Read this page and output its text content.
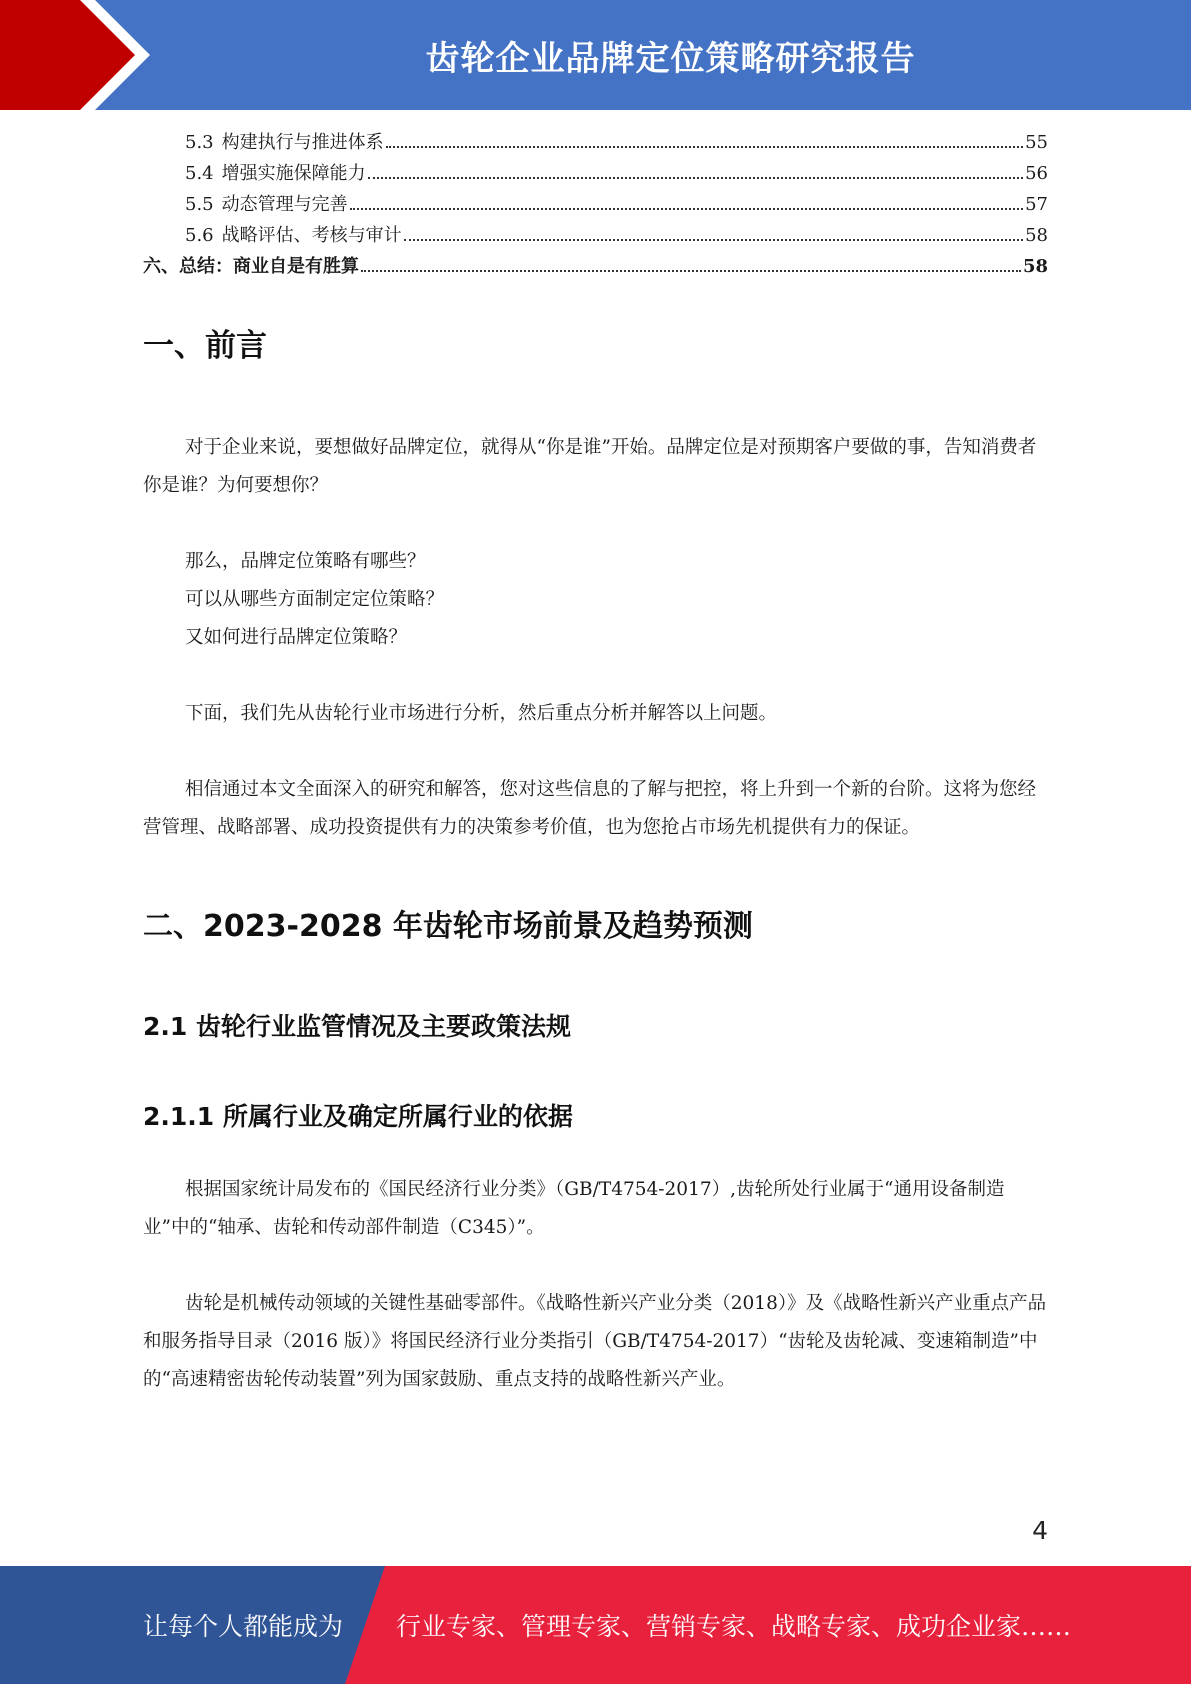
齿轮企业品牌定位策略研究报告
5.3 构建执行与推进体系	55
5.4 增强实施保障能力	56
5.5 动态管理与完善	57
5.6 战略评估、考核与审计	58
六、总结：商业自是有胜算	58
一、前言

对于企业来说，要想做好品牌定位，就得从“你是谁”开始。品牌定位是对预期客户要做的事，告知消费者你是谁？为何要想你？

那么，品牌定位策略有哪些？
可以从哪些方面制定定位策略？
又如何进行品牌定位策略？

下面，我们先从齿轮行业市场进行分析，然后重点分析并解答以上问题。

相信通过本文全面深入的研究和解答，您对这些信息的了解与把控，将上升到一个新的台阶。这将为您经营管理、战略部署、成功投资提供有力的决策参考价值，也为您抢占市场先机提供有力的保证。

二、2023-2028 年齿轮市场前景及趋势预测
2.1 齿轮行业监管情况及主要政策法规
2.1.1 所属行业及确定所属行业的依据

根据国家统计局发布的《国民经济行业分类》（GB/T4754-2017）,齿轮所处行业属于“通用设备制造业”中的“轴承、齿轮和传动部件制造（C345）”。

齿轮是机械传动领域的关键性基础零部件。《战略性新兴产业分类（2018）》及《战略性新兴产业重点产品和服务指导目录（2016 版）》将国民经济行业分类指引（GB/T4754-2017）“齿轮及齿轮减、变速箱制造”中的“高速精密齿轮传动装置”列为国家鼓励、重点支持的战略性新兴产业。

4
让每个人都能成为 行业专家、管理专家、营销专家、战略专家、成功企业家……
